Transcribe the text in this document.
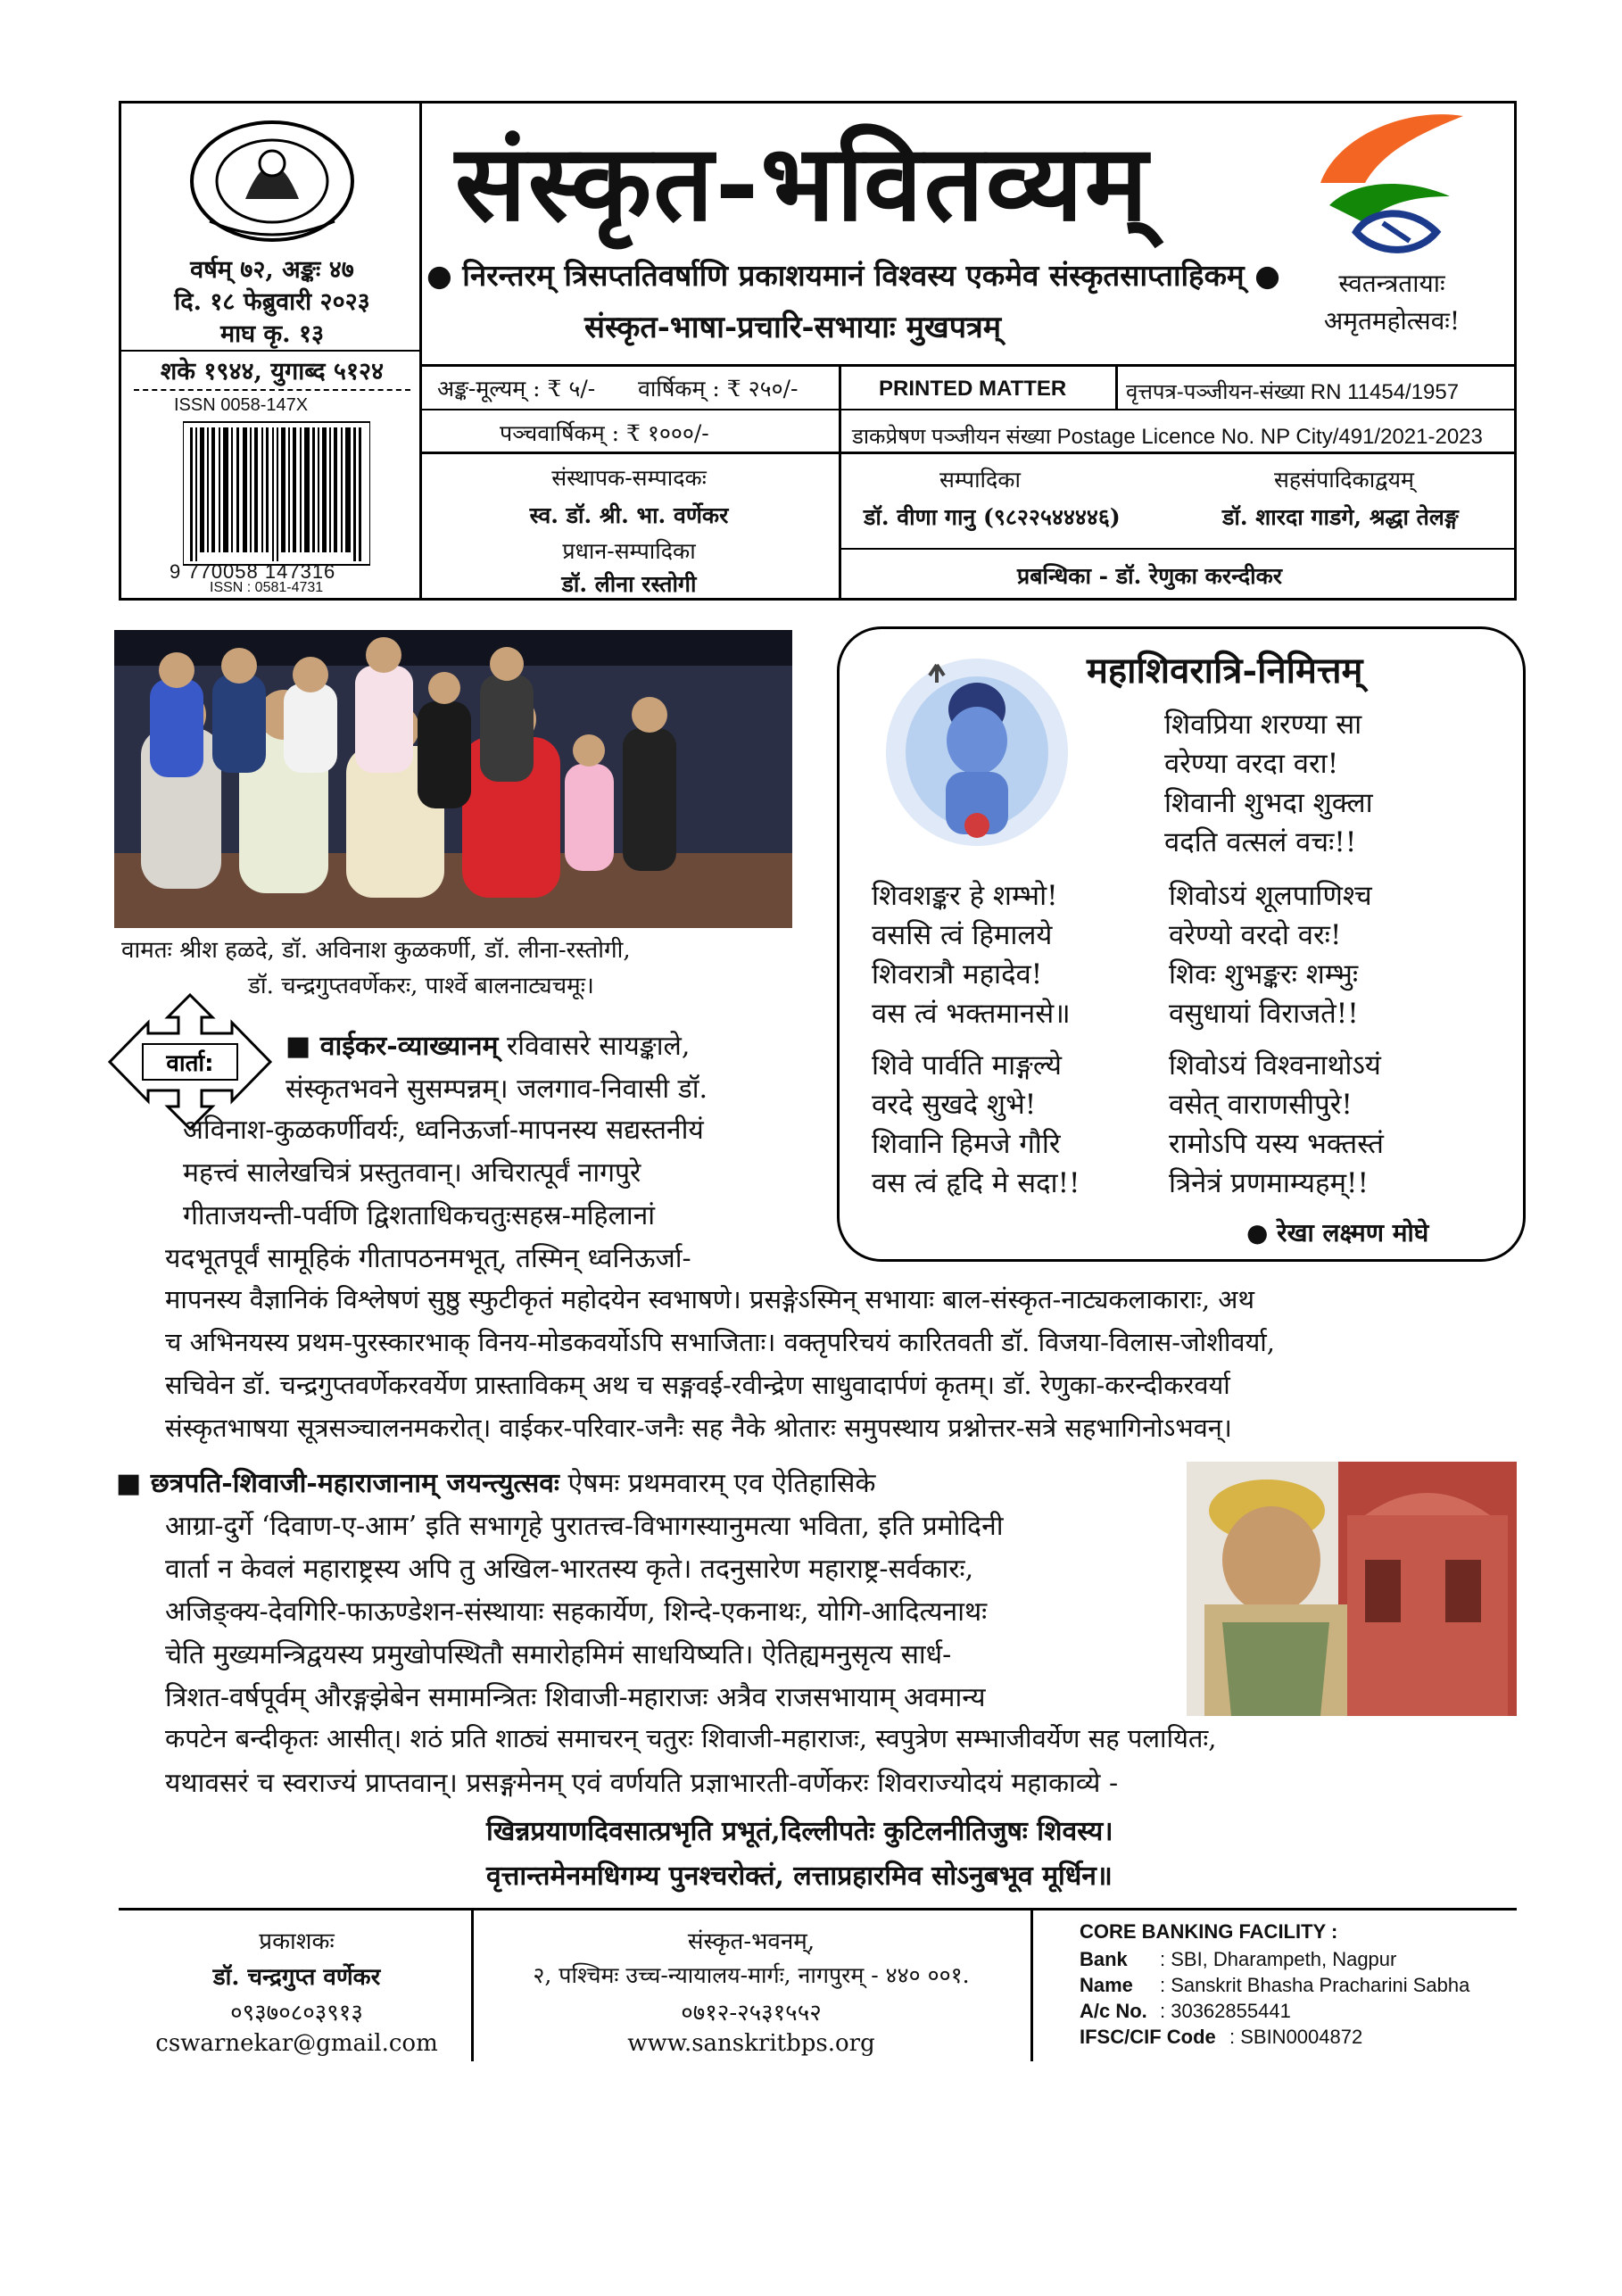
वर्षम् ७२, अङ्कः ४७
दि. १८ फेब्रुवारी २०२३
माघ कृ. १३
शके १९४४, युगाब्द ५१२४
ISSN 0058-147X
9 770058 147316
ISSN : 0581-4731
संस्कृत-भवितव्यम्
स्वतन्त्रतायाः
अमृतमहोत्सवः!
● निरन्तरम् त्रिसप्ततिवर्षाणि प्रकाशयमानं विश्वस्य एकमेव संस्कृतसाप्ताहिकम् ●
संस्कृत-भाषा-प्रचारि-सभायाः मुखपत्रम्
अङ्क-मूल्यम् : ₹ ५/- वार्षिकम् : ₹ २५०/-	PRINTED MATTER	वृत्तपत्र-पञ्जीयन-संख्या RN 11454/1957
पञ्चवार्षिकम् : ₹ १०००/-	डाकप्रेषण पञ्जीयन संख्या Postage Licence No. NP City/491/2021-2023
संस्थापक-सम्पादकः
स्व. डॉ. श्री. भा. वर्णेकर
प्रधान-सम्पादिका
डॉ. लीना रस्तोगी
सम्पादिका
डॉ. वीणा गानु (९८२२५४४४४६)
सहसंपादिकाद्वयम्
डॉ. शारदा गाडगे, श्रद्धा तेलङ्ग
प्रबन्धिका - डॉ. रेणुका करन्दीकर
वामतः श्रीश हळदे, डॉ. अविनाश कुळकर्णी, डॉ. लीना-रस्तोगी,
डॉ. चन्द्रगुप्तवर्णेकरः, पार्श्वे बालनाट्यचमूः।
महाशिवरात्रि-निमित्तम्
शिवप्रिया शरण्या सा
वरेण्या वरदा वरा!
शिवानी शुभदा शुक्ला
वदति वत्सलं वचः!!
शिवोऽयं शूलपाणिश्च
वरेण्यो वरदो वरः!
शिवः शुभङ्करः शम्भुः
वसुधायां विराजते!!
शिवोऽयं विश्वनाथोऽयं
वसेत् वाराणसीपुरे!
रामोऽपि यस्य भक्तस्तं
त्रिनेत्रं प्रणमाम्यहम्!!
शिवशङ्कर हे शम्भो!
वससि त्वं हिमालये
शिवरात्रौ महादेव!
वस त्वं भक्तमानसे॥
शिवे पार्वति माङ्गल्ये
वरदे सुखदे शुभे!
शिवानि हिमजे गौरि
वस त्वं हृदि मे सदा!!
● रेखा लक्ष्मण मोघे
वार्ता:
■ वाईकर-व्याख्यानम् रविवासरे सायङ्काले,
संस्कृतभवने सुसम्पन्नम्। जलगाव-निवासी डॉ.
अविनाश-कुळकर्णीवर्यः, ध्वनिऊर्जा-मापनस्य सद्यस्तनीयं
महत्त्वं सालेखचित्रं प्रस्तुतवान्। अचिरात्पूर्वं नागपुरे
गीताजयन्ती-पर्वणि द्विशताधिकचतुःसहस्र-महिलानां
यदभूतपूर्वं सामूहिकं गीतापठनमभूत्, तस्मिन् ध्वनिऊर्जा-
मापनस्य वैज्ञानिकं विश्लेषणं सुष्ठु स्फुटीकृतं महोदयेन स्वभाषणे। प्रसङ्गेऽस्मिन् सभायाः बाल-संस्कृत-नाट्यकलाकाराः, अथ
च अभिनयस्य प्रथम-पुरस्कारभाक् विनय-मोडकवर्योऽपि सभाजिताः। वक्तृपरिचयं कारितवती डॉ. विजया-विलास-जोशीवर्या,
सचिवेन डॉ. चन्द्रगुप्तवर्णेकरवर्येण प्रास्ताविकम् अथ च सङ्गवई-रवीन्द्रेण साधुवादार्पणं कृतम्। डॉ. रेणुका-करन्दीकरवर्या
संस्कृतभाषया सूत्रसञ्चालनमकरोत्। वाईकर-परिवार-जनैः सह नैके श्रोतारः समुपस्थाय प्रश्नोत्तर-सत्रे सहभागिनोऽभवन्।
■ छत्रपति-शिवाजी-महाराजानाम् जयन्त्युत्सवः ऐषमः प्रथमवारम् एव ऐतिहासिके
आग्रा-दुर्गे ‘दिवाण-ए-आम’ इति सभागृहे पुरातत्त्व-विभागस्यानुमत्या भविता, इति प्रमोदिनी
वार्ता न केवलं महाराष्ट्रस्य अपि तु अखिल-भारतस्य कृते। तदनुसारेण महाराष्ट्र-सर्वकारः,
अजिङ्क्य-देवगिरि-फाऊण्डेशन-संस्थायाः सहकार्येण, शिन्दे-एकनाथः, योगि-आदित्यनाथः
चेति मुख्यमन्त्रिद्वयस्य प्रमुखोपस्थितौ समारोहमिमं साधयिष्यति। ऐतिह्यमनुसृत्य सार्ध-
त्रिशत-वर्षपूर्वम् औरङ्गझेबेन समामन्त्रितः शिवाजी-महाराजः अत्रैव राजसभायाम् अवमान्य
कपटेन बन्दीकृतः आसीत्। शठं प्रति शाठ्यं समाचरन् चतुरः शिवाजी-महाराजः, स्वपुत्रेण सम्भाजीवर्येण सह पलायितः,
यथावसरं च स्वराज्यं प्राप्तवान्। प्रसङ्गमेनम् एवं वर्णयति प्रज्ञाभारती-वर्णेकरः शिवराज्योदयं महाकाव्ये -
खिन्नप्रयाणदिवसात्प्रभृति प्रभूतं,दिल्लीपतेः कुटिलनीतिजुषः शिवस्य।
वृत्तान्तमेनमधिगम्य पुनश्चरोक्तं, लत्ताप्रहारमिव सोऽनुबभूव मूर्धिन॥
प्रकाशकः
डॉ. चन्द्रगुप्त वर्णेकर
०९३७०८०३९१३
cswarnekar@gmail.com
संस्कृत-भवनम्,
२, पश्चिमः उच्च-न्यायालय-मार्गः, नागपुरम् - ४४० ००१.
०७१२-२५३१५५२
www.sanskritbps.org
CORE BANKING FACILITY :
Bank : SBI, Dharampeth, Nagpur
Name : Sanskrit Bhasha Pracharini Sabha
A/c No. : 30362855441
IFSC/CIF Code : SBIN0004872
